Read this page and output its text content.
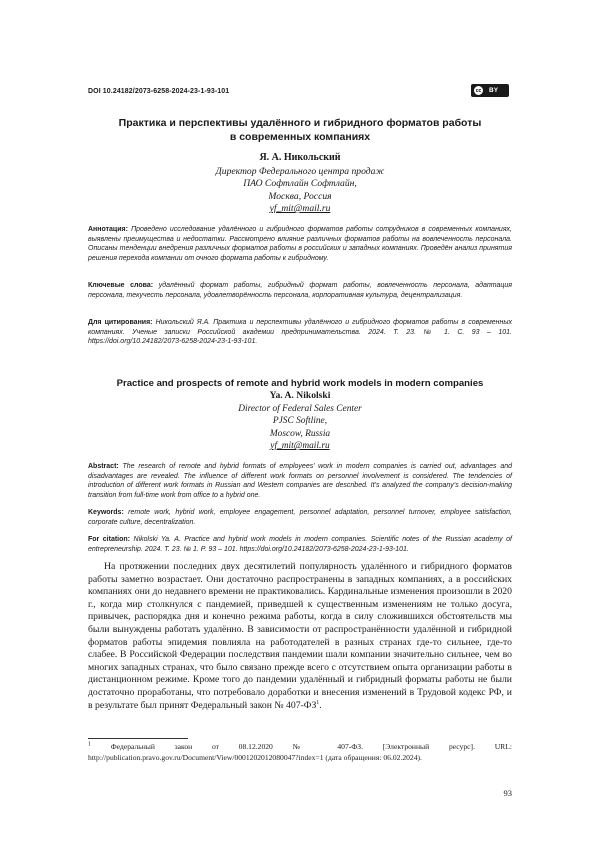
DOI 10.24182/2073-6258-2024-23-1-93-101	cc BY
Практика и перспективы удалённого и гибридного форматов работы
в современных компаниях
Я. А. Никольский
Директор Федерального центра продаж
ПАО Софтлайн Софтлайн,
Москва, Россия
yf_mit@mail.ru
Аннотация: Проведено исследование удалённого и гибридного форматов работы сотрудников в современных компаниях, выявлены преимущества и недостатки. Рассмотрено влияние различных форматов работы на вовлеченность персонала. Описаны тенденции внедрения различных форматов работы в российских и западных компаниях. Проведён анализ принятия решения перехода компании от очного формата работы к гибридному.
Ключевые слова: удалённый формат работы, гибридный формат работы, вовлеченность персонала, адаптация персонала, текучесть персонала, удовлетворённость персонала, корпоративная культура, децентрализация.
Для цитирования: Никольский Я.А. Практика и перспективы удалённого и гибридного форматов работы в современных компаниях. Ученые записки Российской академии предпринимательства. 2024. Т. 23. № 1. С. 93 – 101. https://doi.org/10.24182/2073-6258-2024-23-1-93-101.
Practice and prospects of remote and hybrid work models in modern companies
Ya. A. Nikolski
Director of Federal Sales Center
PJSC Softline,
Moscow, Russia
yf_mit@mail.ru
Abstract: The research of remote and hybrid formats of employees’ work in modern companies is carried out, advantages and disadvantages are revealed. The influence of different work formats on personnel involvement is considered. The tendencies of introduction of different work formats in Russian and Western companies are described. It’s analyzed the company’s decision-making transition from full-time work from office to a hybrid one.
Keywords: remote work, hybrid work, employee engagement, personnel adaptation, personnel turnover, employee satisfaction, corporate culture, decentralization.
For citation: Nikolski Ya. A. Practice and hybrid work models in modern companies. Scientific notes of the Russian academy of entrepreneurship. 2024. T. 23. № 1. P. 93 – 101. https://doi.org/10.24182/2073-6258-2024-23-1-93-101.

На протяжении последних двух десятилетий популярность удалённого и гибридного форматов работы заметно возрастает. Они достаточно распространены в западных компаниях, а в российских компаниях они до недавнего времени не практиковались. Кардинальные изменения произошли в 2020 г., когда мир столкнулся с пандемией, приведшей к существенным изменениям не только досуга, привычек, распорядка дня и конечно режима работы, когда в силу сложившихся обстоятельств мы были вынуждены работать удалённо. В зависимости от распространённости удалённой и гибридной форматов работы эпидемия повлияла на работодателей в разных странах где-то сильнее, где-то слабее. В Российской Федерации последствия пандемии шали компании значительно сильнее, чем во многих западных странах, что было связано прежде всего с отсутствием опыта организации работы в дистанционном режиме. Кроме того до пандемии удалённый и гибридный форматы работы не были достаточно проработаны, что потребовало доработки и внесения изменений в Трудовой кодекс РФ, и в результате был принят Федеральный закон № $407-ФЗ^1$.

$^1$	Федеральный закон от 08.12.2020 № 407-ФЗ. [Электронный ресурс]. URL: http://publication.pravo.gov.ru/Document/View/0001202012080047?index=1 (дата обращения: 06.02.2024).
93
